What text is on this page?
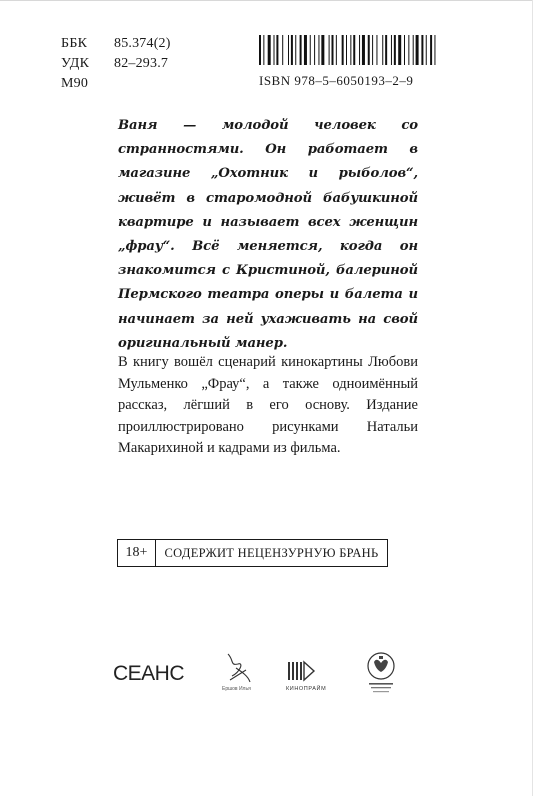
ББК	85.374(2)
УДК	82–293.7
М90	ISBN 978–5–6050193–2–9
Ваня — молодой человек со странностями. Он работает в магазине „Охотник и рыболов“, живёт в старомодной бабушкиной квартире и называет всех женщин „фрау“. Всё меняется, когда он знакомится с Кристиной, балериной Пермского театра оперы и балета и начинает за ней ухаживать на свой оригинальный манер.
В книгу вошёл сценарий кинокартины Любови Мульменко „Фрау“, а также одноимённый рассказ, лёгший в его основу. Издание проиллюстрировано рисунками Натальи Макарихиной и кадрами из фильма.
18+	СОДЕРЖИТ НЕЦЕНЗУРНУЮ БРАНЬ
СЕАНС
Ершов Илья	КИНОПРАЙМ
